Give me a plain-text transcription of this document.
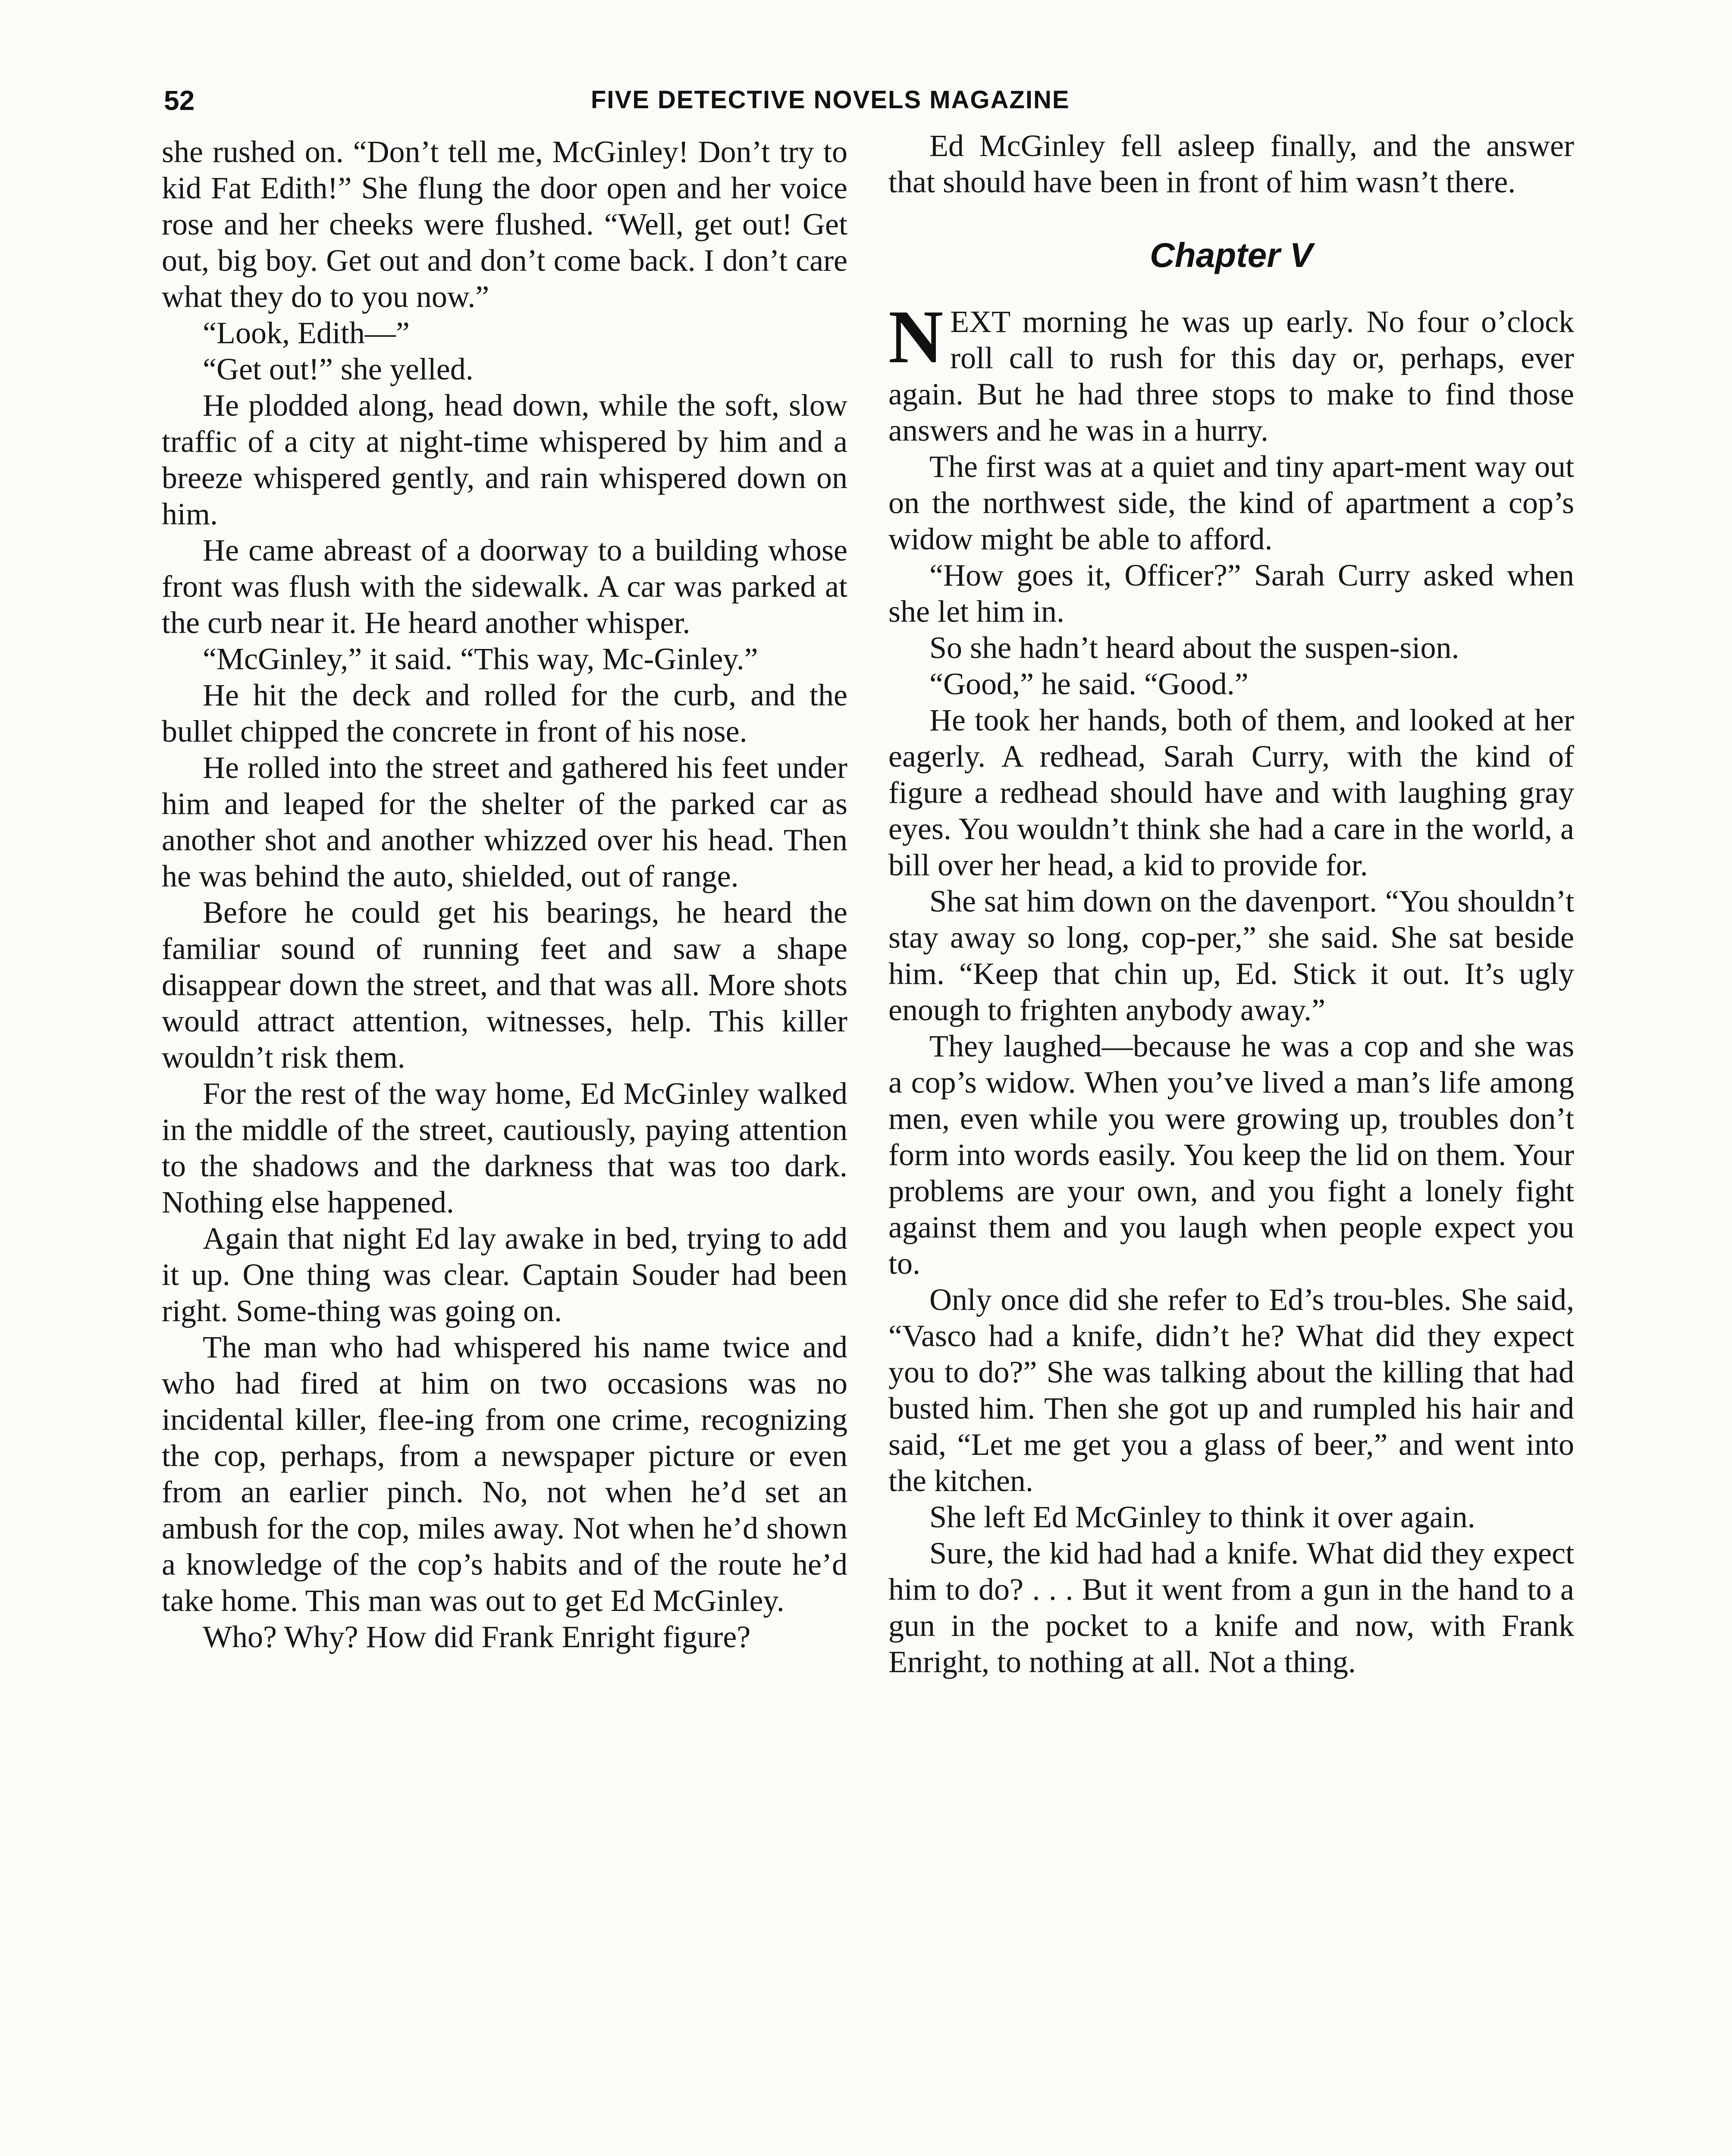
52	FIVE DETECTIVE NOVELS MAGAZINE

she rushed on. “Don’t tell me, McGinley! Don’t try to kid Fat Edith!” She flung the door open and her voice rose and her cheeks were flushed. “Well, get out! Get out, big boy. Get out and don’t come back. I don’t care what they do to you now.”

“Look, Edith—”

“Get out!” she yelled.

He plodded along, head down, while the soft, slow traffic of a city at night-time whispered by him and a breeze whispered gently, and rain whispered down on him.

He came abreast of a doorway to a building whose front was flush with the sidewalk. A car was parked at the curb near it. He heard another whisper.

“McGinley,” it said. “This way, Mc-Ginley.”

He hit the deck and rolled for the curb, and the bullet chipped the concrete in front of his nose.

He rolled into the street and gathered his feet under him and leaped for the shelter of the parked car as another shot and another whizzed over his head. Then he was behind the auto, shielded, out of range.

Before he could get his bearings, he heard the familiar sound of running feet and saw a shape disappear down the street, and that was all. More shots would attract attention, witnesses, help. This killer wouldn’t risk them.

For the rest of the way home, Ed McGinley walked in the middle of the street, cautiously, paying attention to the shadows and the darkness that was too dark. Nothing else happened.

Again that night Ed lay awake in bed, trying to add it up. One thing was clear. Captain Souder had been right. Some-thing was going on.

The man who had whispered his name twice and who had fired at him on two occasions was no incidental killer, flee-ing from one crime, recognizing the cop, perhaps, from a newspaper picture or even from an earlier pinch. No, not when he’d set an ambush for the cop, miles away. Not when he’d shown a knowledge of the cop’s habits and of the route he’d take home. This man was out to get Ed McGinley.

Who? Why? How did Frank Enright figure?

Ed McGinley fell asleep finally, and the answer that should have been in front of him wasn’t there.

Chapter V

NEXT morning he was up early. No four o’clock roll call to rush for this day or, perhaps, ever again. But he had three stops to make to find those answers and he was in a hurry.

The first was at a quiet and tiny apart-ment way out on the northwest side, the kind of apartment a cop’s widow might be able to afford.

“How goes it, Officer?” Sarah Curry asked when she let him in.

So she hadn’t heard about the suspen-sion.

“Good,” he said. “Good.”

He took her hands, both of them, and looked at her eagerly. A redhead, Sarah Curry, with the kind of figure a redhead should have and with laughing gray eyes. You wouldn’t think she had a care in the world, a bill over her head, a kid to provide for.

She sat him down on the davenport. “You shouldn’t stay away so long, cop-per,” she said. She sat beside him. “Keep that chin up, Ed. Stick it out. It’s ugly enough to frighten anybody away.”

They laughed—because he was a cop and she was a cop’s widow. When you’ve lived a man’s life among men, even while you were growing up, troubles don’t form into words easily. You keep the lid on them. Your problems are your own, and you fight a lonely fight against them and you laugh when people expect you to.

Only once did she refer to Ed’s trou-bles. She said, “Vasco had a knife, didn’t he? What did they expect you to do?” She was talking about the killing that had busted him. Then she got up and rumpled his hair and said, “Let me get you a glass of beer,” and went into the kitchen.

She left Ed McGinley to think it over again.

Sure, the kid had had a knife. What did they expect him to do? . . . But it went from a gun in the hand to a gun in the pocket to a knife and now, with Frank Enright, to nothing at all. Not a thing.
